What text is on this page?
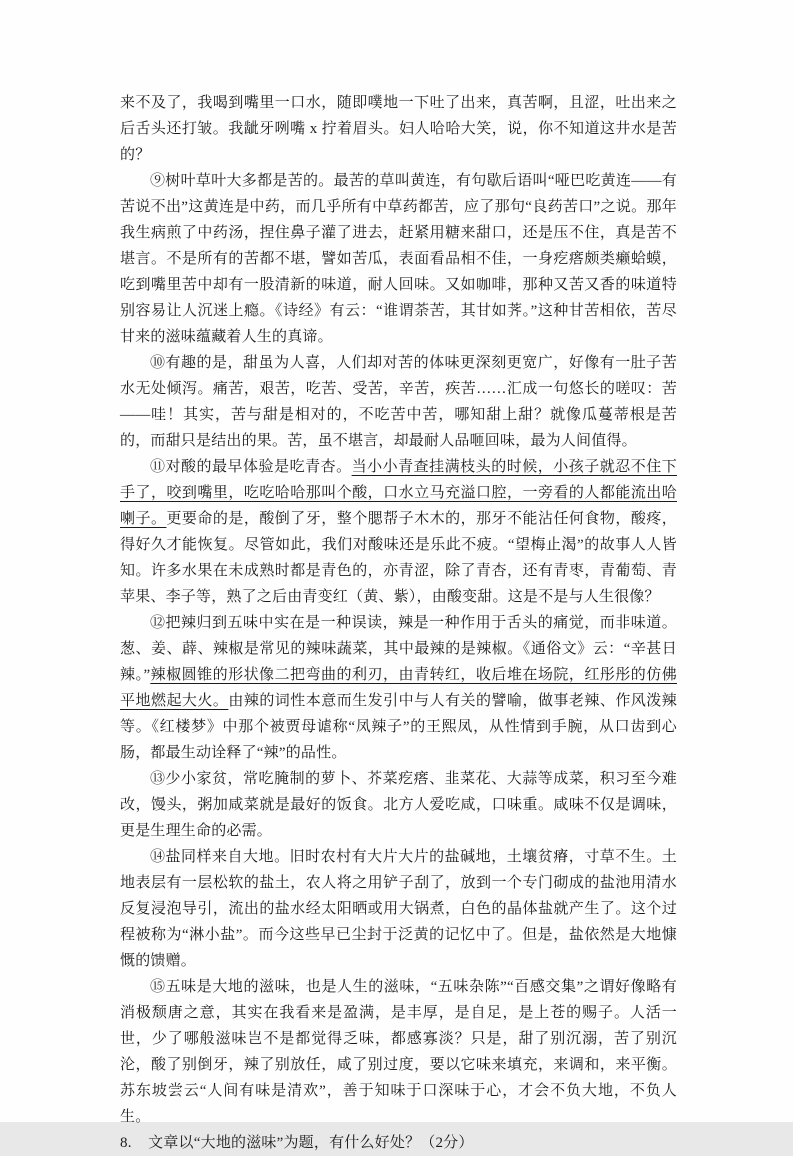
来不及了，我喝到嘴里一口水，随即噗地一下吐了出来，真苦啊，且涩，吐出来之后舌头还打皱。我龇牙咧嘴 x 拧着眉头。妇人哈哈大笑，说，你不知道这井水是苦的？

⑨树叶草叶大多都是苦的。最苦的草叫黄连，有句歇后语叫“哑巴吃黄连——有苦说不出”这黄连是中药，而几乎所有中草药都苦，应了那句“良药苦口”之说。那年我生病煎了中药汤，捏住鼻子灌了进去，赶紧用糖来甜口，还是压不住，真是苦不堪言。不是所有的苦都不堪，譬如苦瓜，表面看品相不佳，一身疙瘩颇类癞蛤蟆，吃到嘴里苦中却有一股清新的味道，耐人回味。又如咖啡，那种又苦又香的味道特别容易让人沉迷上瘾。《诗经》有云：“谁谓荼苦，其甘如荠。”这种甘苦相依，苦尽甘来的滋味蕴藏着人生的真谛。

⑩有趣的是，甜虽为人喜，人们却对苦的体味更深刻更宽广，好像有一肚子苦水无处倾泻。痛苦，艰苦，吃苦、受苦，辛苦，疾苦……汇成一句悠长的嗟叹：苦——哇！其实，苦与甜是相对的，不吃苦中苦，哪知甜上甜？就像瓜蔓蒂根是苦的，而甜只是结出的果。苦，虽不堪言，却最耐人品咂回味，最为人间值得。

⑪对酸的最早体验是吃青杏。当小小青查挂满枝头的时候，小孩子就忍不住下手了，咬到嘴里，吃吃哈哈那叫个酸，口水立马充溢口腔，一旁看的人都能流出哈喇子。更要命的是，酸倒了牙，整个腮帮子木木的，那牙不能沾任何食物，酸疼，得好久才能恢复。尽管如此，我们对酸味还是乐此不疲。“望梅止渴”的故事人人皆知。许多水果在未成熟时都是青色的，亦青涩，除了青杏，还有青枣，青葡萄、青苹果、李子等，熟了之后由青变红（黄、紫），由酸变甜。这是不是与人生很像？

⑫把辣归到五味中实在是一种误读，辣是一种作用于舌头的痛觉，而非味道。葱、姜、薜、辣椒是常见的辣味蔬菜，其中最辣的是辣椒。《通俗文》云：“辛甚日辣。”辣椒圆锥的形状像二把弯曲的利刃，由青转红，收后堆在场院，红彤彤的仿佛平地燃起大火。由辣的词性本意而生发引中与人有关的譬喻，做事老辣、作风泼辣等。《红楼梦》中那个被贾母谑称“凤辣子”的王熙凤，从性情到手腕，从口齿到心肠，都最生动诠释了“辣”的品性。

⑬少小家贫，常吃腌制的萝卜、芥菜疙瘩、韭菜花、大蒜等成菜，积习至今难改，馒头，粥加咸菜就是最好的饭食。北方人爱吃咸，口味重。咸味不仅是调味，更是生理生命的必需。

⑭盐同样来自大地。旧时农村有大片大片的盐碱地，土壤贫瘠，寸草不生。土地表层有一层松软的盐土，农人将之用铲子刮了，放到一个专门砌成的盐池用清水反复浸泡导引，流出的盐水经太阳晒或用大锅煮，白色的晶体盐就产生了。这个过程被称为“淋小盐”。而今这些早已尘封于泛黄的记忆中了。但是，盐依然是大地慷慨的馈赠。

⑮五味是大地的滋味，也是人生的滋味，“五味杂陈”“百感交集”之谓好像略有消极颓唐之意，其实在我看来是盈满，是丰厚，是自足，是上苍的赐子。人活一世，少了哪般滋味岂不是都觉得乏味，都感寡淡？只是，甜了别沉溺，苦了别沉沦，酸了别倒牙，辣了别放任，咸了别过度，要以它味来填充，来调和，来平衡。苏东坡尝云“人间有味是清欢”，善于知味于口深味于心，才会不负大地，不负人生。

8. 文章以“大地的滋味”为题，有什么好处？（2分）
